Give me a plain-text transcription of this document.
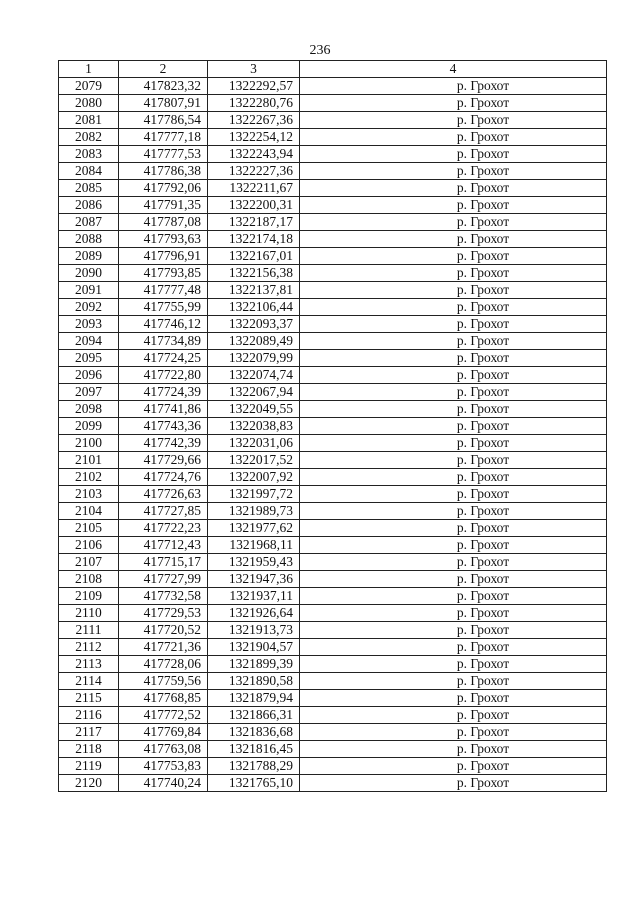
236
1	2	3	4
2079	417823,32	1322292,57	р. Грохот
2080	417807,91	1322280,76	р. Грохот
2081	417786,54	1322267,36	р. Грохот
2082	417777,18	1322254,12	р. Грохот
2083	417777,53	1322243,94	р. Грохот
2084	417786,38	1322227,36	р. Грохот
2085	417792,06	1322211,67	р. Грохот
2086	417791,35	1322200,31	р. Грохот
2087	417787,08	1322187,17	р. Грохот
2088	417793,63	1322174,18	р. Грохот
2089	417796,91	1322167,01	р. Грохот
2090	417793,85	1322156,38	р. Грохот
2091	417777,48	1322137,81	р. Грохот
2092	417755,99	1322106,44	р. Грохот
2093	417746,12	1322093,37	р. Грохот
2094	417734,89	1322089,49	р. Грохот
2095	417724,25	1322079,99	р. Грохот
2096	417722,80	1322074,74	р. Грохот
2097	417724,39	1322067,94	р. Грохот
2098	417741,86	1322049,55	р. Грохот
2099	417743,36	1322038,83	р. Грохот
2100	417742,39	1322031,06	р. Грохот
2101	417729,66	1322017,52	р. Грохот
2102	417724,76	1322007,92	р. Грохот
2103	417726,63	1321997,72	р. Грохот
2104	417727,85	1321989,73	р. Грохот
2105	417722,23	1321977,62	р. Грохот
2106	417712,43	1321968,11	р. Грохот
2107	417715,17	1321959,43	р. Грохот
2108	417727,99	1321947,36	р. Грохот
2109	417732,58	1321937,11	р. Грохот
2110	417729,53	1321926,64	р. Грохот
2111	417720,52	1321913,73	р. Грохот
2112	417721,36	1321904,57	р. Грохот
2113	417728,06	1321899,39	р. Грохот
2114	417759,56	1321890,58	р. Грохот
2115	417768,85	1321879,94	р. Грохот
2116	417772,52	1321866,31	р. Грохот
2117	417769,84	1321836,68	р. Грохот
2118	417763,08	1321816,45	р. Грохот
2119	417753,83	1321788,29	р. Грохот
2120	417740,24	1321765,10	р. Грохот
